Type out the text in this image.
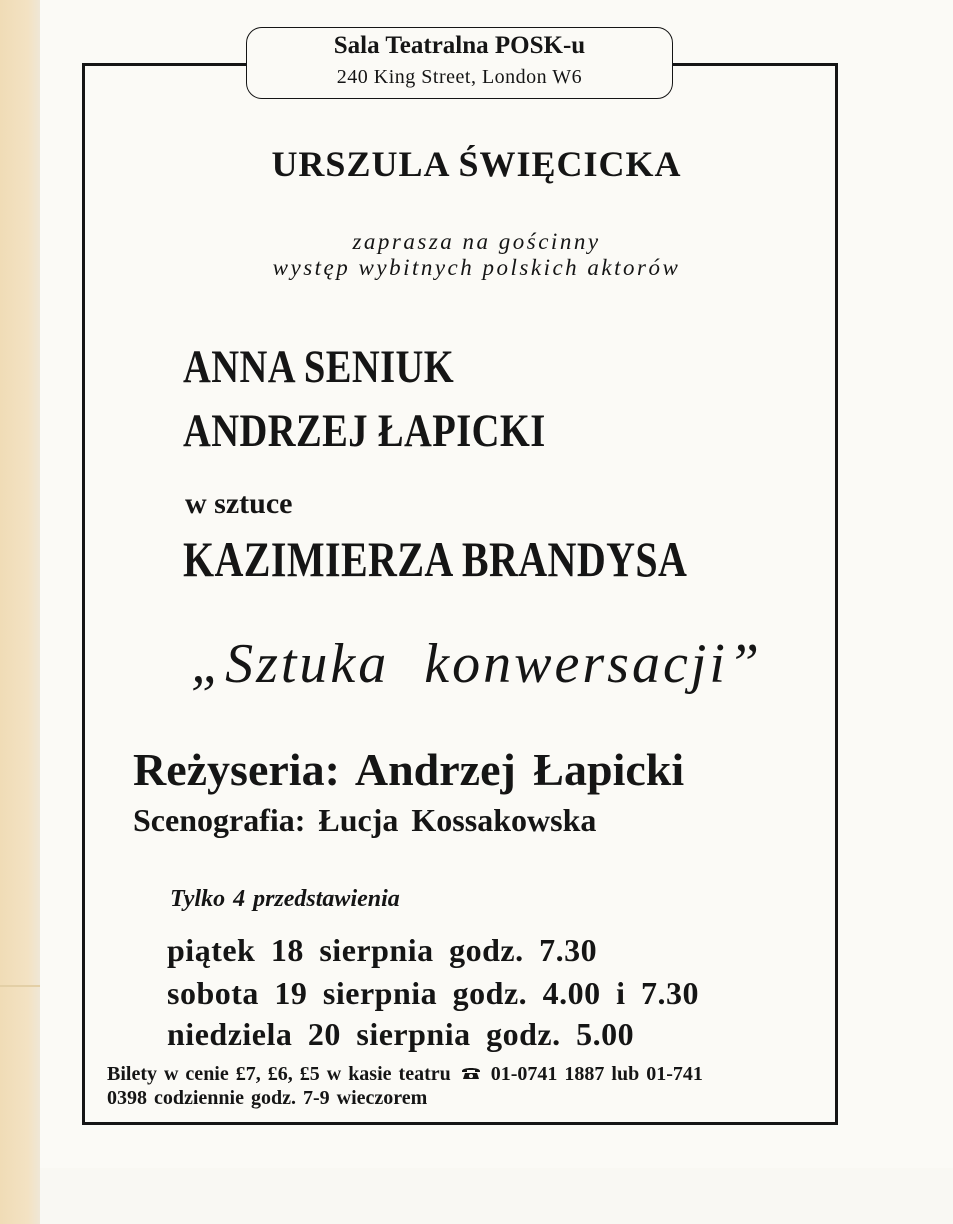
Sala Teatralna POSK-u
240 King Street, London W6
URSZULA ŚWIĘCICKA
zaprasza na gościnny
występ wybitnych polskich aktorów
ANNA SENIUK
ANDRZEJ ŁAPICKI
w sztuce
KAZIMIERZA BRANDYSA
„Sztuka konwersacji”
Reżyseria: Andrzej Łapicki
Scenografia: Łucja Kossakowska
Tylko 4 przedstawienia
piątek 18 sierpnia godz. 7.30
sobota 19 sierpnia godz. 4.00 i 7.30
niedziela 20 sierpnia godz. 5.00
Bilety w cenie £7, £6, £5 w kasie teatru 01-0741 1887 lub 01-741
0398 codziennie godz. 7-9 wieczorem
